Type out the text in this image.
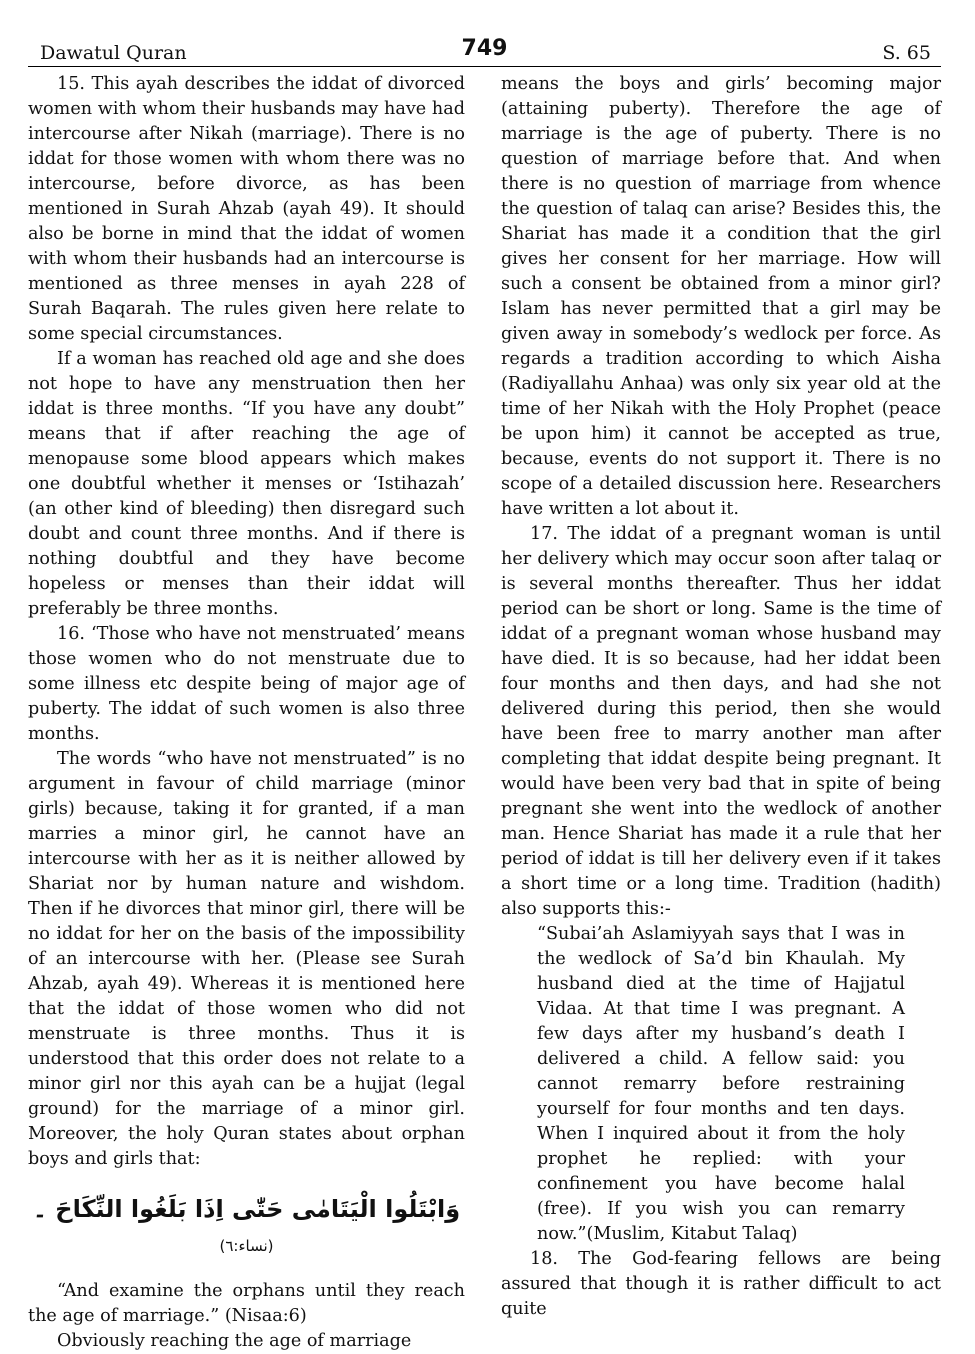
Dawatul Quran	749	S. 65

15. This ayah describes the iddat of divorced women with whom their husbands may have had intercourse after Nikah (marriage). There is no iddat for those women with whom there was no intercourse, before divorce, as has been mentioned in Surah Ahzab (ayah 49). It should also be borne in mind that the iddat of women with whom their husbands had an intercourse is mentioned as three menses in ayah 228 of Surah Baqarah. The rules given here relate to some special circumstances.

If a woman has reached old age and she does not hope to have any menstruation then her iddat is three months. “If you have any doubt” means that if after reaching the age of menopause some blood appears which makes one doubtful whether it menses or ‘Istihazah’ (an other kind of bleeding) then disregard such doubt and count three months. And if there is nothing doubtful and they have become hopeless or menses than their iddat will preferably be three months.

16. ‘Those who have not menstruated’ means those women who do not menstruate due to some illness etc despite being of major age of puberty. The iddat of such women is also three months.

The words “who have not menstruated” is no argument in favour of child marriage (minor girls) because, taking it for granted, if a man marries a minor girl, he cannot have an intercourse with her as it is neither allowed by Shariat nor by human nature and wishdom. Then if he divorces that minor girl, there will be no iddat for her on the basis of the impossibility of an intercourse with her. (Please see Surah Ahzab, ayah 49). Whereas it is mentioned here that the iddat of those women who did not menstruate is three months. Thus it is understood that this order does not relate to a minor girl nor this ayah can be a hujjat (legal ground) for the marriage of a minor girl. Moreover, the holy Quran states about orphan boys and girls that:

وَابْتَلُوا الْيَتَامٰى حَتّٰى اِذَا بَلَغُوا النِّكَاحَ ۔ (نساء:٦)

“And examine the orphans until they reach the age of marriage.” (Nisaa:6)

Obviously reaching the age of marriage

means the boys and girls’ becoming major (attaining puberty). Therefore the age of marriage is the age of puberty. There is no question of marriage before that. And when there is no question of marriage from whence the question of talaq can arise? Besides this, the Shariat has made it a condition that the girl gives her consent for her marriage. How will such a consent be obtained from a minor girl? Islam has never permitted that a girl may be given away in somebody’s wedlock per force. As regards a tradition according to which Aisha (Radiyallahu Anhaa) was only six year old at the time of her Nikah with the Holy Prophet (peace be upon him) it cannot be accepted as true, because, events do not support it. There is no scope of a detailed discussion here. Researchers have written a lot about it.

17. The iddat of a pregnant woman is until her delivery which may occur soon after talaq or is several months thereafter. Thus her iddat period can be short or long. Same is the time of iddat of a pregnant woman whose husband may have died. It is so because, had her iddat been four months and then days, and had she not delivered during this period, then she would have been free to marry another man after completing that iddat despite being pregnant. It would have been very bad that in spite of being pregnant she went into the wedlock of another man. Hence Shariat has made it a rule that her period of iddat is till her delivery even if it takes a short time or a long time. Tradition (hadith) also supports this:-

“Subai’ah Aslamiyyah says that I was in the wedlock of Sa’d bin Khaulah. My husband died at the time of Hajjatul Vidaa. At that time I was pregnant. A few days after my husband’s death I delivered a child. A fellow said: you cannot remarry before restraining yourself for four months and ten days. When I inquired about it from the holy prophet he replied: with your confinement you have become halal (free). If you wish you can remarry now.”(Muslim, Kitabut Talaq)

18. The God-fearing fellows are being assured that though it is rather difficult to act quite
